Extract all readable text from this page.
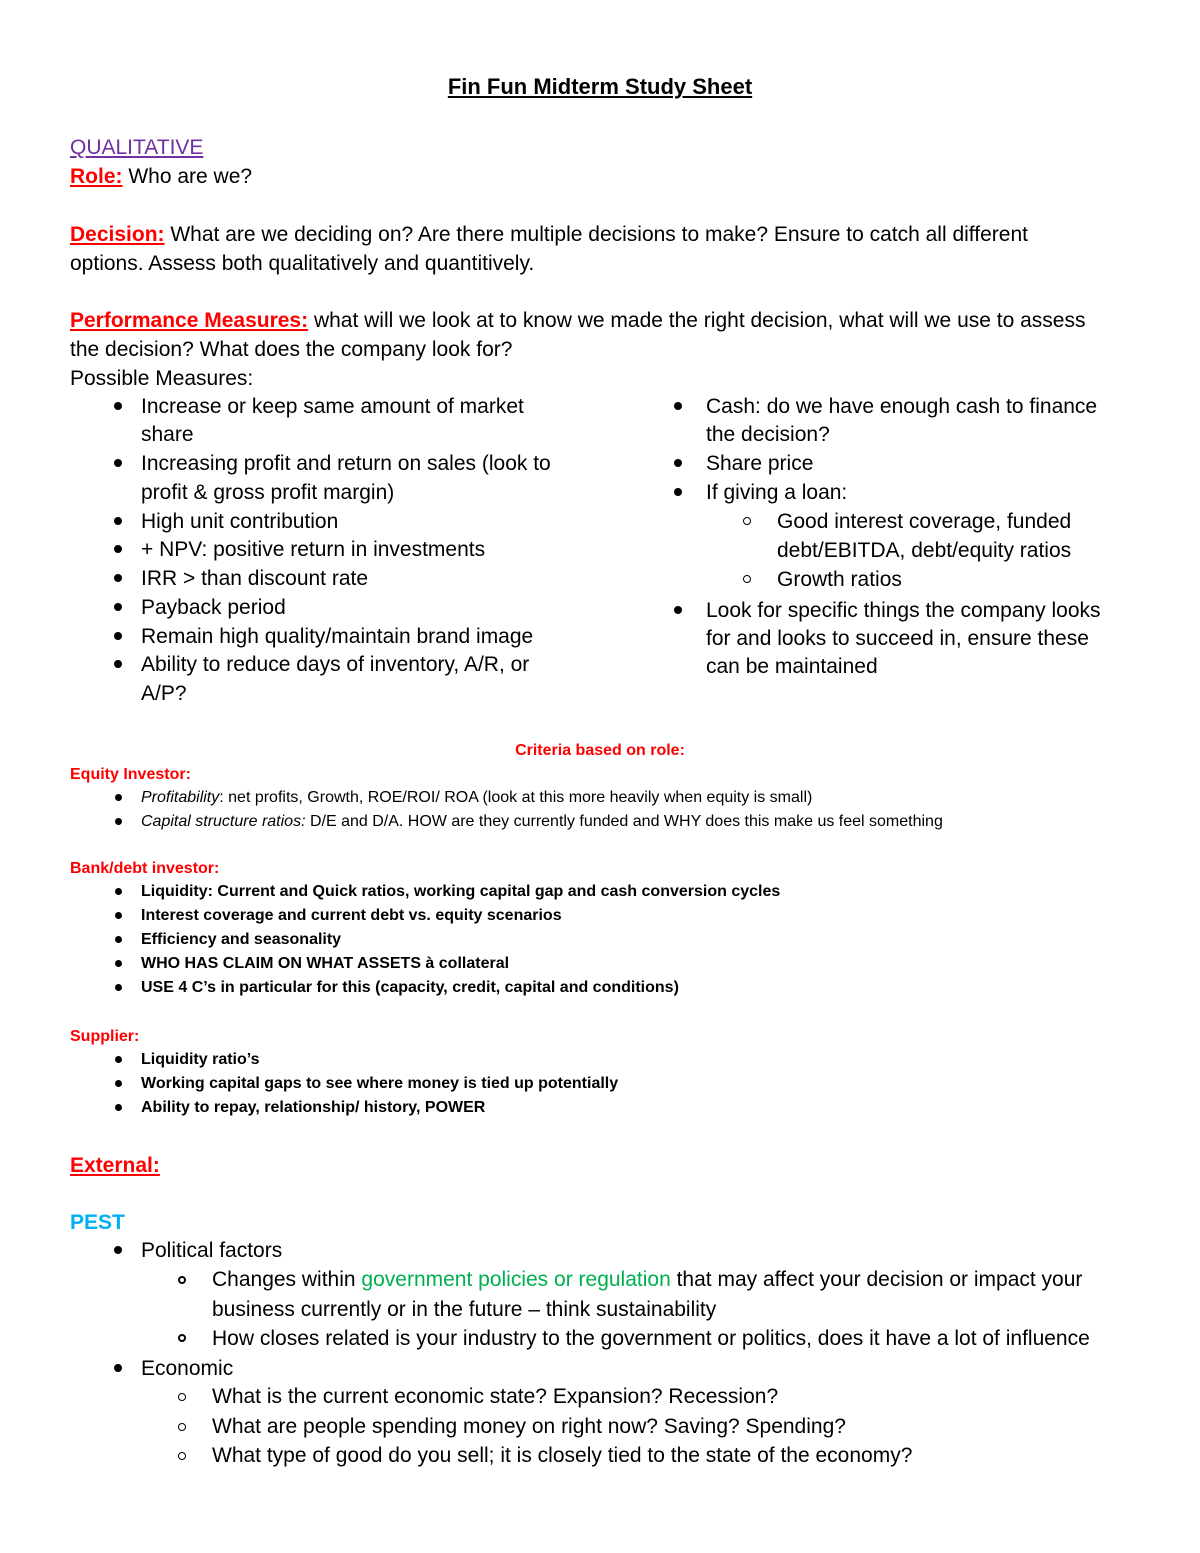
Fin Fun Midterm Study Sheet
QUALITATIVE
Role: Who are we?
Decision: What are we deciding on? Are there multiple decisions to make? Ensure to catch all different
options. Assess both qualitatively and quantitively.
Performance Measures: what will we look at to know we made the right decision, what will we use to assess
the decision? What does the company look for?
Possible Measures:
Increase or keep same amount of market
share
Increasing profit and return on sales (look to
profit & gross profit margin)
High unit contribution
+ NPV: positive return in investments
IRR > than discount rate
Payback period
Remain high quality/maintain brand image
Ability to reduce days of inventory, A/R, or
A/P?
Cash: do we have enough cash to finance
the decision?
Share price
If giving a loan:
Good interest coverage, funded
debt/EBITDA, debt/equity ratios
Growth ratios
Look for specific things the company looks
for and looks to succeed in, ensure these
can be maintained
Criteria based on role:
Equity Investor:
Profitability: net profits, Growth, ROE/ROI/ ROA (look at this more heavily when equity is small)
Capital structure ratios: D/E and D/A. HOW are they currently funded and WHY does this make us feel something
Bank/debt investor:
Liquidity: Current and Quick ratios, working capital gap and cash conversion cycles
Interest coverage and current debt vs. equity scenarios
Efficiency and seasonality
WHO HAS CLAIM ON WHAT ASSETS à collateral
USE 4 C’s in particular for this (capacity, credit, capital and conditions)
Supplier:
Liquidity ratio’s
Working capital gaps to see where money is tied up potentially
Ability to repay, relationship/ history, POWER
External:
PEST
Political factors
Changes within government policies or regulation that may affect your decision or impact your
business currently or in the future – think sustainability
How closes related is your industry to the government or politics, does it have a lot of influence
Economic
What is the current economic state? Expansion? Recession?
What are people spending money on right now? Saving? Spending?
What type of good do you sell; it is closely tied to the state of the economy?
